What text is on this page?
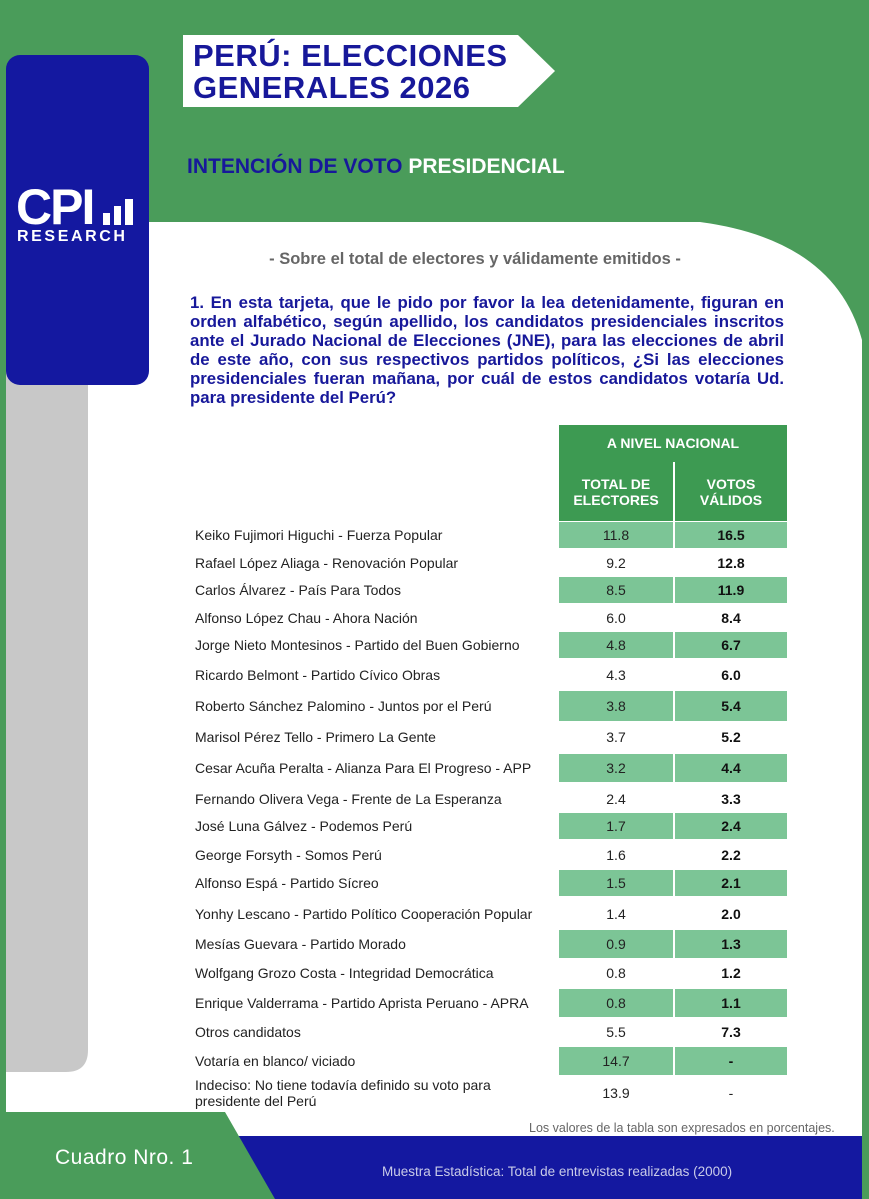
PERÚ: ELECCIONES
GENERALES 2026
CPI
RESEARCH
INTENCIÓN DE VOTO PRESIDENCIAL
- Sobre el total de electores y válidamente emitidos -
1. En esta tarjeta, que le pido por favor la lea detenidamente, figuran en orden alfabético, según apellido, los candidatos presidenciales inscritos ante el Jurado Nacional de Elecciones (JNE), para las elecciones de abril de este año, con sus respectivos partidos políticos, ¿Si las elecciones presidenciales fueran mañana, por cuál de estos candidatos votaría Ud. para presidente del Perú?
A NIVEL NACIONAL
TOTAL DE ELECTORES
VOTOS VÁLIDOS
Keiko Fujimori Higuchi - Fuerza Popular	11.8	16.5
Rafael López Aliaga - Renovación Popular	9.2	12.8
Carlos Álvarez - País Para Todos	8.5	11.9
Alfonso López Chau - Ahora Nación	6.0	8.4
Jorge Nieto Montesinos - Partido del Buen Gobierno	4.8	6.7
Ricardo Belmont - Partido Cívico Obras	4.3	6.0
Roberto Sánchez Palomino - Juntos por el Perú	3.8	5.4
Marisol Pérez Tello - Primero La Gente	3.7	5.2
Cesar Acuña Peralta - Alianza Para El Progreso - APP	3.2	4.4
Fernando Olivera Vega - Frente de La Esperanza	2.4	3.3
José Luna Gálvez - Podemos Perú	1.7	2.4
George Forsyth - Somos Perú	1.6	2.2
Alfonso Espá - Partido Sícreo	1.5	2.1
Yonhy Lescano - Partido Político Cooperación Popular	1.4	2.0
Mesías Guevara - Partido Morado	0.9	1.3
Wolfgang Grozo Costa - Integridad Democrática	0.8	1.2
Enrique Valderrama - Partido Aprista Peruano - APRA	0.8	1.1
Otros candidatos	5.5	7.3
Votaría en blanco/ viciado	14.7	-
Indeciso: No tiene todavía definido su voto para presidente del Perú	13.9	-
Los valores de la tabla son expresados en porcentajes.
Cuadro Nro. 1
Muestra Estadística: Total de entrevistas realizadas (2000)
